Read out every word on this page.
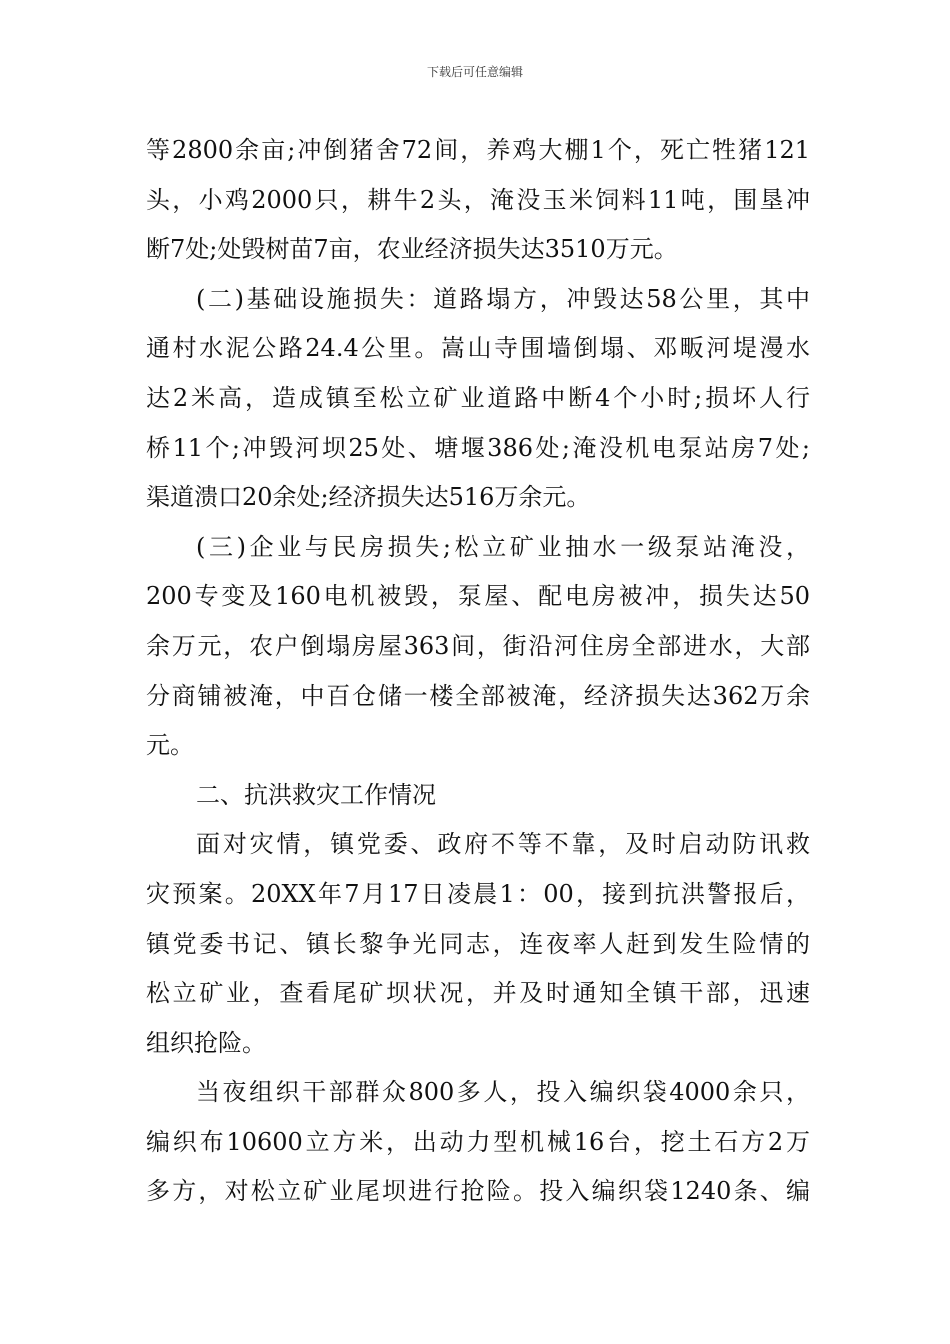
下载后可任意编辑
等2800余亩;冲倒猪舍72间，养鸡大棚1个，死亡牲猪121
头，小鸡2000只，耕牛2头，淹没玉米饲料11吨，围垦冲
断7处;处毁树苗7亩，农业经济损失达3510万元。
(二)基础设施损失：道路塌方，冲毁达58公里，其中
通村水泥公路24.4公里。嵩山寺围墙倒塌、邓畈河堤漫水
达2米高，造成镇至松立矿业道路中断4个小时;损坏人行
桥11个;冲毁河坝25处、塘堰386处;淹没机电泵站房7处;
渠道溃口20余处;经济损失达516万余元。
(三)企业与民房损失;松立矿业抽水一级泵站淹没，
200专变及160电机被毁，泵屋、配电房被冲，损失达50
余万元，农户倒塌房屋363间，街沿河住房全部进水，大部
分商铺被淹，中百仓储一楼全部被淹，经济损失达362万余
元。
二、抗洪救灾工作情况
面对灾情，镇党委、政府不等不靠，及时启动防讯救
灾预案。20XX年7月17日凌晨1：00，接到抗洪警报后，
镇党委书记、镇长黎争光同志，连夜率人赶到发生险情的
松立矿业，查看尾矿坝状况，并及时通知全镇干部，迅速
组织抢险。
当夜组织干部群众800多人，投入编织袋4000余只，
编织布10600立方米，出动力型机械16台，挖土石方2万
多方，对松立矿业尾坝进行抢险。投入编织袋1240条、编
